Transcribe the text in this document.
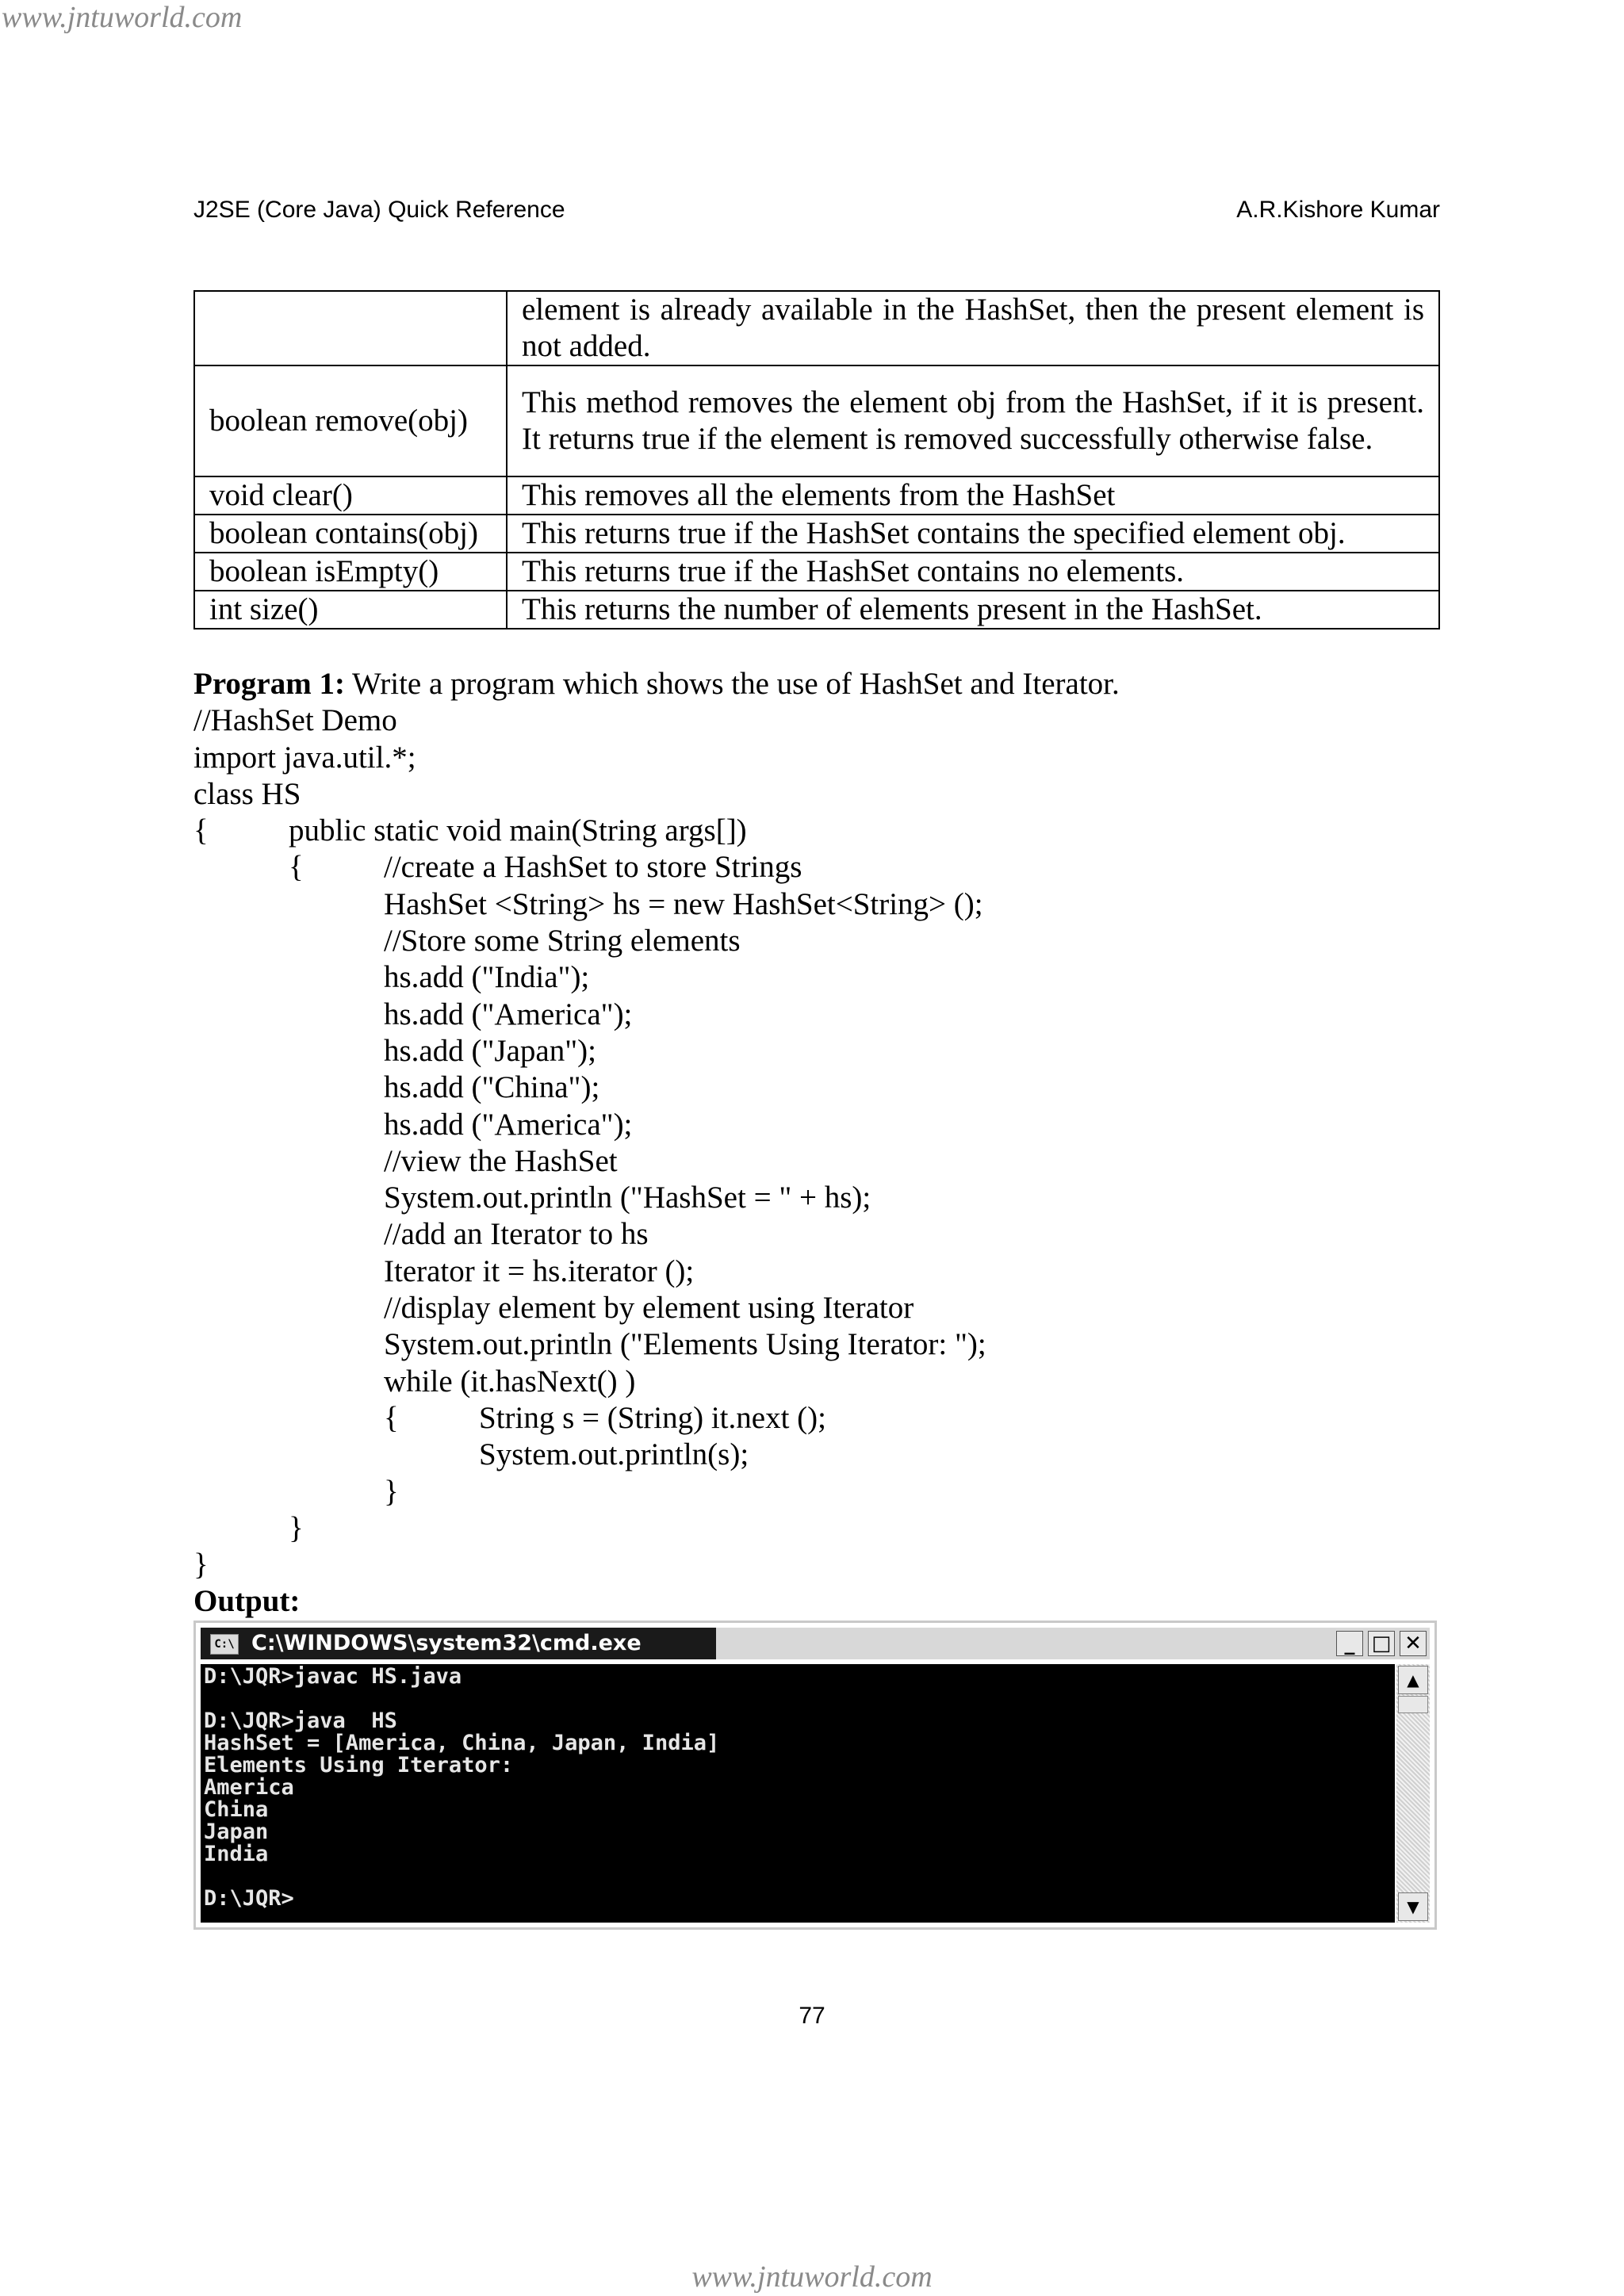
www.jntuworld.com
J2SE (Core Java) Quick Reference	A.R.Kishore Kumar
	element is already available in the HashSet, then the present element is not added.
boolean remove(obj)	This method removes the element obj from the HashSet, if it is present. It returns true if the element is removed successfully otherwise false.
void clear()	This removes all the elements from the HashSet
boolean contains(obj)	This returns true if the HashSet contains the specified element obj.
boolean isEmpty()	This returns true if the HashSet contains no elements.
int size()	This returns the number of elements present in the HashSet.
Program 1: Write a program which shows the use of HashSet and Iterator.
//HashSet Demo
import java.util.*;
class HS
{	public static void main(String args[])
{	//create a HashSet to store Strings
HashSet <String> hs = new HashSet<String> ();
//Store some String elements
hs.add ("India");
hs.add ("America");
hs.add ("Japan");
hs.add ("China");
hs.add ("America");
//view the HashSet
System.out.println ("HashSet = " + hs);
//add an Iterator to hs
Iterator it = hs.iterator ();
//display element by element using Iterator
System.out.println ("Elements Using Iterator: ");
while (it.hasNext() )
{	String s = (String) it.next ();
System.out.println(s);
}
}
}
Output:
C:\ C:\WINDOWS\system32\cmd.exe	_ □ ✕
D:\JQR>javac HS.java

D:\JQR>java  HS
HashSet = [America, China, Japan, India]
Elements Using Iterator:
America
China
Japan
India

D:\JQR>
▲
▼
77
www.jntuworld.com
